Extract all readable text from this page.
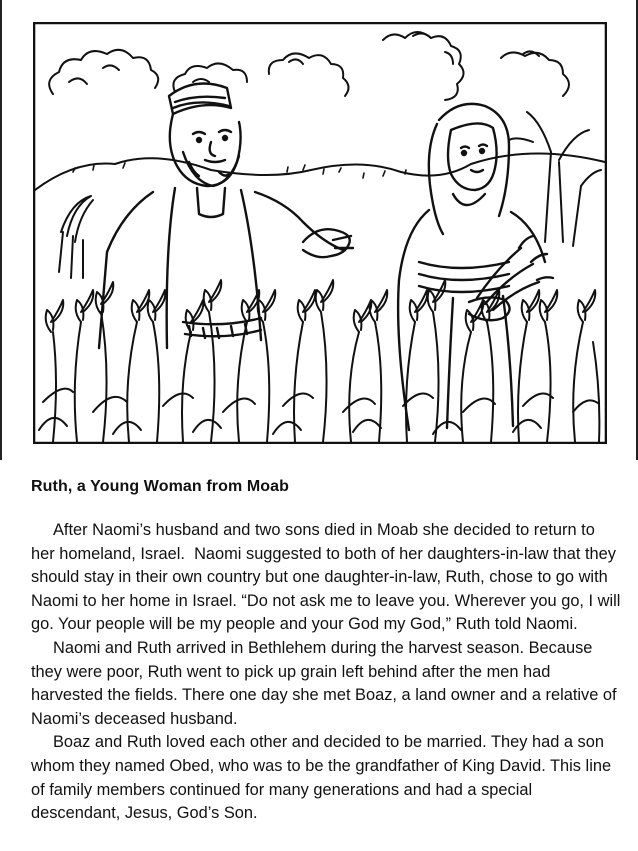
Ruth, a Young Woman from Moab

After Naomi’s husband and two sons died in Moab she decided to return to her homeland, Israel.  Naomi suggested to both of her daughters-in-law that they should stay in their own country but one daughter-in-law, Ruth, chose to go with Naomi to her home in Israel. “Do not ask me to leave you. Wherever you go, I will go. Your people will be my people and your God my God,” Ruth told Naomi.

Naomi and Ruth arrived in Bethlehem during the harvest season. Because they were poor, Ruth went to pick up grain left behind after the men had harvested the fields. There one day she met Boaz, a land owner and a relative of Naomi’s deceased husband.

Boaz and Ruth loved each other and decided to be married. They had a son whom they named Obed, who was to be the grandfather of King David. This line of family members continued for many generations and had a special descendant, Jesus, God’s Son.
